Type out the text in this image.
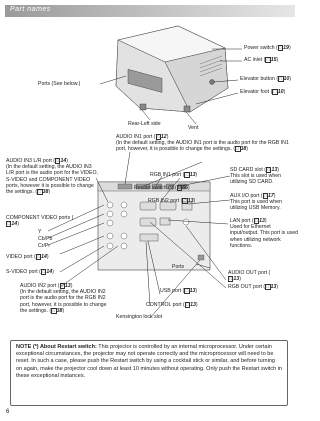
Part names
Power switch ( □ 19)
AC inlet ( □ 15)
Ports (See below.)
Elevator button ( □ 10)
Elevator foot ( □ 10)
Rear-Left side
Vent
AUDIO IN1 port ( □ 12)
(In the default setting, the AUDIO IN1 port is the audio port for the RGB IN1 port, however, it is possible to change the settings. ( □ 38)
AUDIO IN3 L/R port ( □ 14)
(In the default setting, the AUDIO IN3 L/R port is the audio port for the VIDEO, S-VIDEO and COMPONENT VIDEO ports, however it is possible to change the settings. ( □ 38)
SD CARD slot ( □ 13)
This slot is used when utilizing SD CARD.
RGB IN1 port ( □ 13)
Restart switch (*) ( □ 66)
AUX I/O port ( □ 17)
This port is used when utilizing USB Memory.
RGB IN2 port ( □ 13)
LAN port ( □ 13)
Used for Ethernet input/output. This port is used when utilizing network functions.
COMPONENT VIDEO ports (□ 14)
Y
Cb/Pb
Cr/Pr
Ports
VIDEO port ( □ 14)
AUDIO OUT port (
□ 13)
RGB OUT port ( □ 13)
S-VIDEO port ( □ 14)
AUDIO IN2 port ( □ 13)
(In the default setting, the AUDIO IN2 port is the audio port for the RGB IN2 port, however, it is possible to change the settings. ( □ 38)
USB port ( □ 13)
CONTROL port ( □ 13)
Kensington lock slot
NOTE (*) About Restart switch: This projector is controlled by an internal microprocessor. Under certain exceptional circumstances, the projector may not operate correctly and the microprocessor will need to be reset. In such a case, please push the Restart switch by using a cocktail stick or similar, and before turning on again, make the projector cool down at least 10 minutes without operating. Only push the Restart switch in these exceptional instances.
6
